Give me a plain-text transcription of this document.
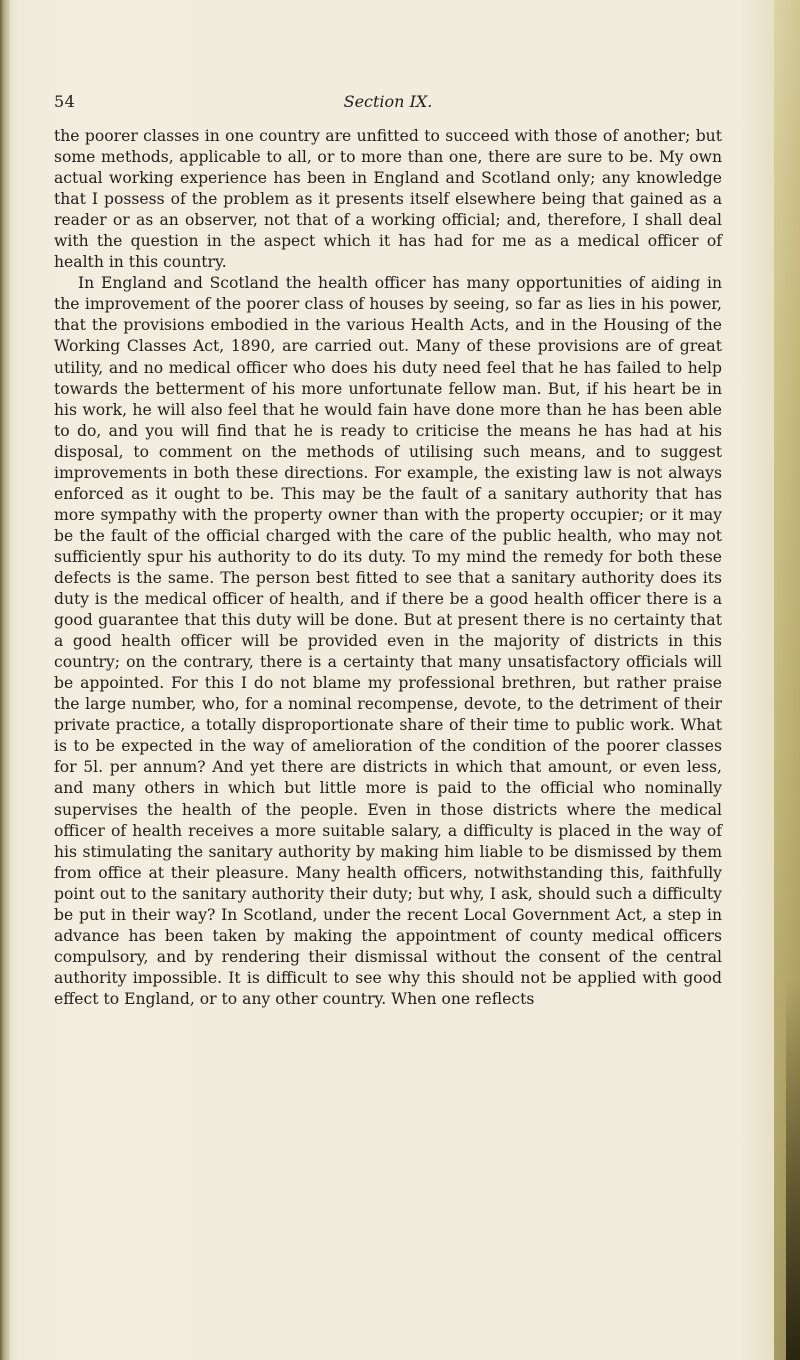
54	Section IX.

the poorer classes in one country are unfitted to succeed with those of another; but some methods, applicable to all, or to more than one, there are sure to be. My own actual working experience has been in England and Scotland only; any knowledge that I possess of the problem as it presents itself elsewhere being that gained as a reader or as an observer, not that of a working official; and, therefore, I shall deal with the question in the aspect which it has had for me as a medical officer of health in this country.

In England and Scotland the health officer has many opportunities of aiding in the improvement of the poorer class of houses by seeing, so far as lies in his power, that the provisions embodied in the various Health Acts, and in the Housing of the Working Classes Act, 1890, are carried out. Many of these provisions are of great utility, and no medical officer who does his duty need feel that he has failed to help towards the betterment of his more unfortunate fellow man. But, if his heart be in his work, he will also feel that he would fain have done more than he has been able to do, and you will find that he is ready to criticise the means he has had at his disposal, to comment on the methods of utilising such means, and to suggest improvements in both these directions. For example, the existing law is not always enforced as it ought to be. This may be the fault of a sanitary authority that has more sympathy with the property owner than with the property occupier; or it may be the fault of the official charged with the care of the public health, who may not sufficiently spur his authority to do its duty. To my mind the remedy for both these defects is the same. The person best fitted to see that a sanitary authority does its duty is the medical officer of health, and if there be a good health officer there is a good guarantee that this duty will be done. But at present there is no certainty that a good health officer will be provided even in the majority of districts in this country; on the contrary, there is a certainty that many unsatisfactory officials will be appointed. For this I do not blame my professional brethren, but rather praise the large number, who, for a nominal recompense, devote, to the detriment of their private practice, a totally disproportionate share of their time to public work. What is to be expected in the way of amelioration of the condition of the poorer classes for 5l. per annum? And yet there are districts in which that amount, or even less, and many others in which but little more is paid to the official who nominally supervises the health of the people. Even in those districts where the medical officer of health receives a more suitable salary, a difficulty is placed in the way of his stimulating the sanitary authority by making him liable to be dismissed by them from office at their pleasure. Many health officers, notwithstanding this, faithfully point out to the sanitary authority their duty; but why, I ask, should such a difficulty be put in their way? In Scotland, under the recent Local Government Act, a step in advance has been taken by making the appointment of county medical officers compulsory, and by rendering their dismissal without the consent of the central authority impossible. It is difficult to see why this should not be applied with good effect to England, or to any other country. When one reflects
